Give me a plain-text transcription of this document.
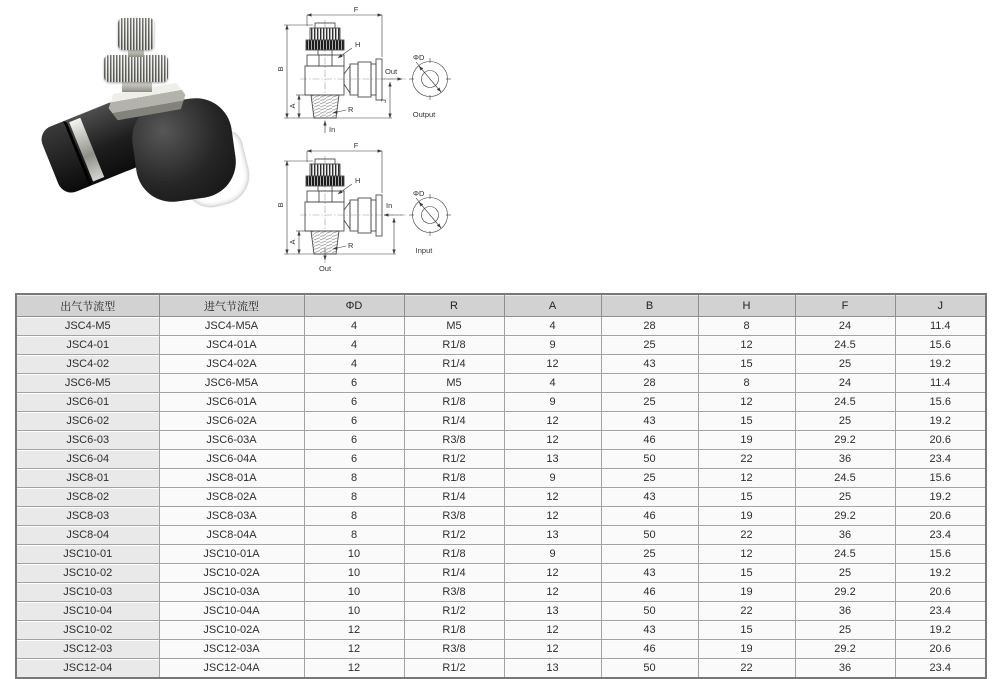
F
B
A
H
R
J
Out
In
ΦD
Output
F
B
A
H
R
In
Out
ΦD
Input
出气节流型	进气节流型	ΦD	R	A	B	H	F	J
JSC4-M5	JSC4-M5A	4	M5	4	28	8	24	11.4
JSC4-01	JSC4-01A	4	R1/8	9	25	12	24.5	15.6
JSC4-02	JSC4-02A	4	R1/4	12	43	15	25	19.2
JSC6-M5	JSC6-M5A	6	M5	4	28	8	24	11.4
JSC6-01	JSC6-01A	6	R1/8	9	25	12	24.5	15.6
JSC6-02	JSC6-02A	6	R1/4	12	43	15	25	19.2
JSC6-03	JSC6-03A	6	R3/8	12	46	19	29.2	20.6
JSC6-04	JSC6-04A	6	R1/2	13	50	22	36	23.4
JSC8-01	JSC8-01A	8	R1/8	9	25	12	24.5	15.6
JSC8-02	JSC8-02A	8	R1/4	12	43	15	25	19.2
JSC8-03	JSC8-03A	8	R3/8	12	46	19	29.2	20.6
JSC8-04	JSC8-04A	8	R1/2	13	50	22	36	23.4
JSC10-01	JSC10-01A	10	R1/8	9	25	12	24.5	15.6
JSC10-02	JSC10-02A	10	R1/4	12	43	15	25	19.2
JSC10-03	JSC10-03A	10	R3/8	12	46	19	29.2	20.6
JSC10-04	JSC10-04A	10	R1/2	13	50	22	36	23.4
JSC10-02	JSC10-02A	12	R1/8	12	43	15	25	19.2
JSC12-03	JSC12-03A	12	R3/8	12	46	19	29.2	20.6
JSC12-04	JSC12-04A	12	R1/2	13	50	22	36	23.4
